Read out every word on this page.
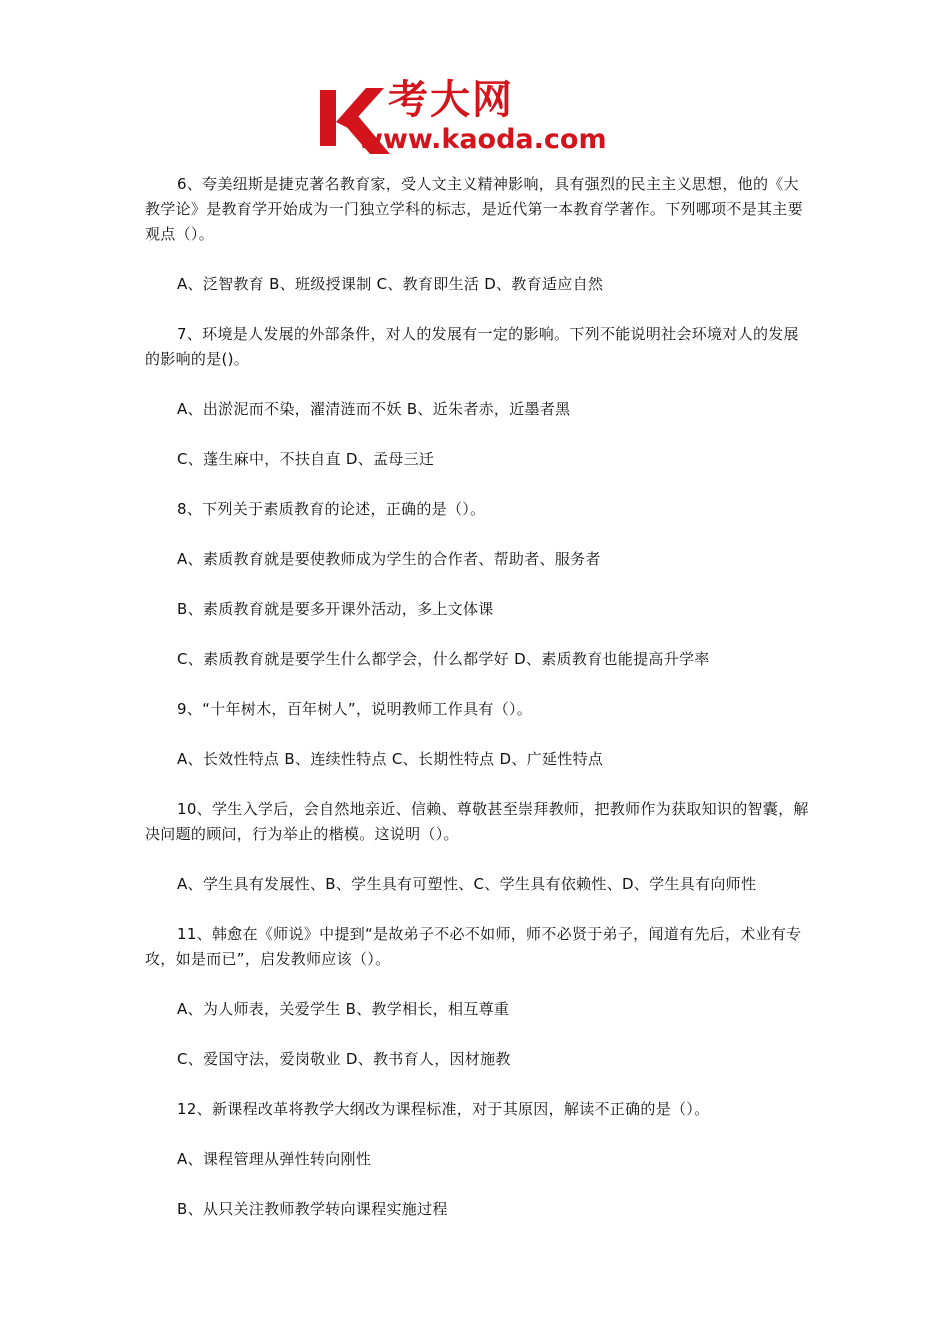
考大网
www.kaoda.com

6、夸美纽斯是捷克著名教育家，受人文主义精神影响，具有强烈的民主主义思想，他的《大教学论》是教育学开始成为一门独立学科的标志，是近代第一本教育学著作。下列哪项不是其主要观点（）。

A、泛智教育 B、班级授课制 C、教育即生活 D、教育适应自然

7、环境是人发展的外部条件，对人的发展有一定的影响。下列不能说明社会环境对人的发展的影响的是()。

A、出淤泥而不染，濯清涟而不妖 B、近朱者赤，近墨者黑

C、蓬生麻中，不扶自直 D、孟母三迁

8、下列关于素质教育的论述，正确的是（）。

A、素质教育就是要使教师成为学生的合作者、帮助者、服务者

B、素质教育就是要多开课外活动，多上文体课

C、素质教育就是要学生什么都学会，什么都学好 D、素质教育也能提高升学率

9、“十年树木，百年树人”，说明教师工作具有（）。

A、长效性特点 B、连续性特点 C、长期性特点 D、广延性特点

10、学生入学后，会自然地亲近、信赖、尊敬甚至崇拜教师，把教师作为获取知识的智囊，解决问题的顾问，行为举止的楷模。这说明（）。

A、学生具有发展性、B、学生具有可塑性、C、学生具有依赖性、D、学生具有向师性

11、韩愈在《师说》中提到“是故弟子不必不如师，师不必贤于弟子，闻道有先后，术业有专攻，如是而已”，启发教师应该（）。

A、为人师表，关爱学生 B、教学相长，相互尊重

C、爱国守法，爱岗敬业 D、教书育人，因材施教

12、新课程改革将教学大纲改为课程标准，对于其原因，解读不正确的是（）。

A、课程管理从弹性转向刚性

B、从只关注教师教学转向课程实施过程
